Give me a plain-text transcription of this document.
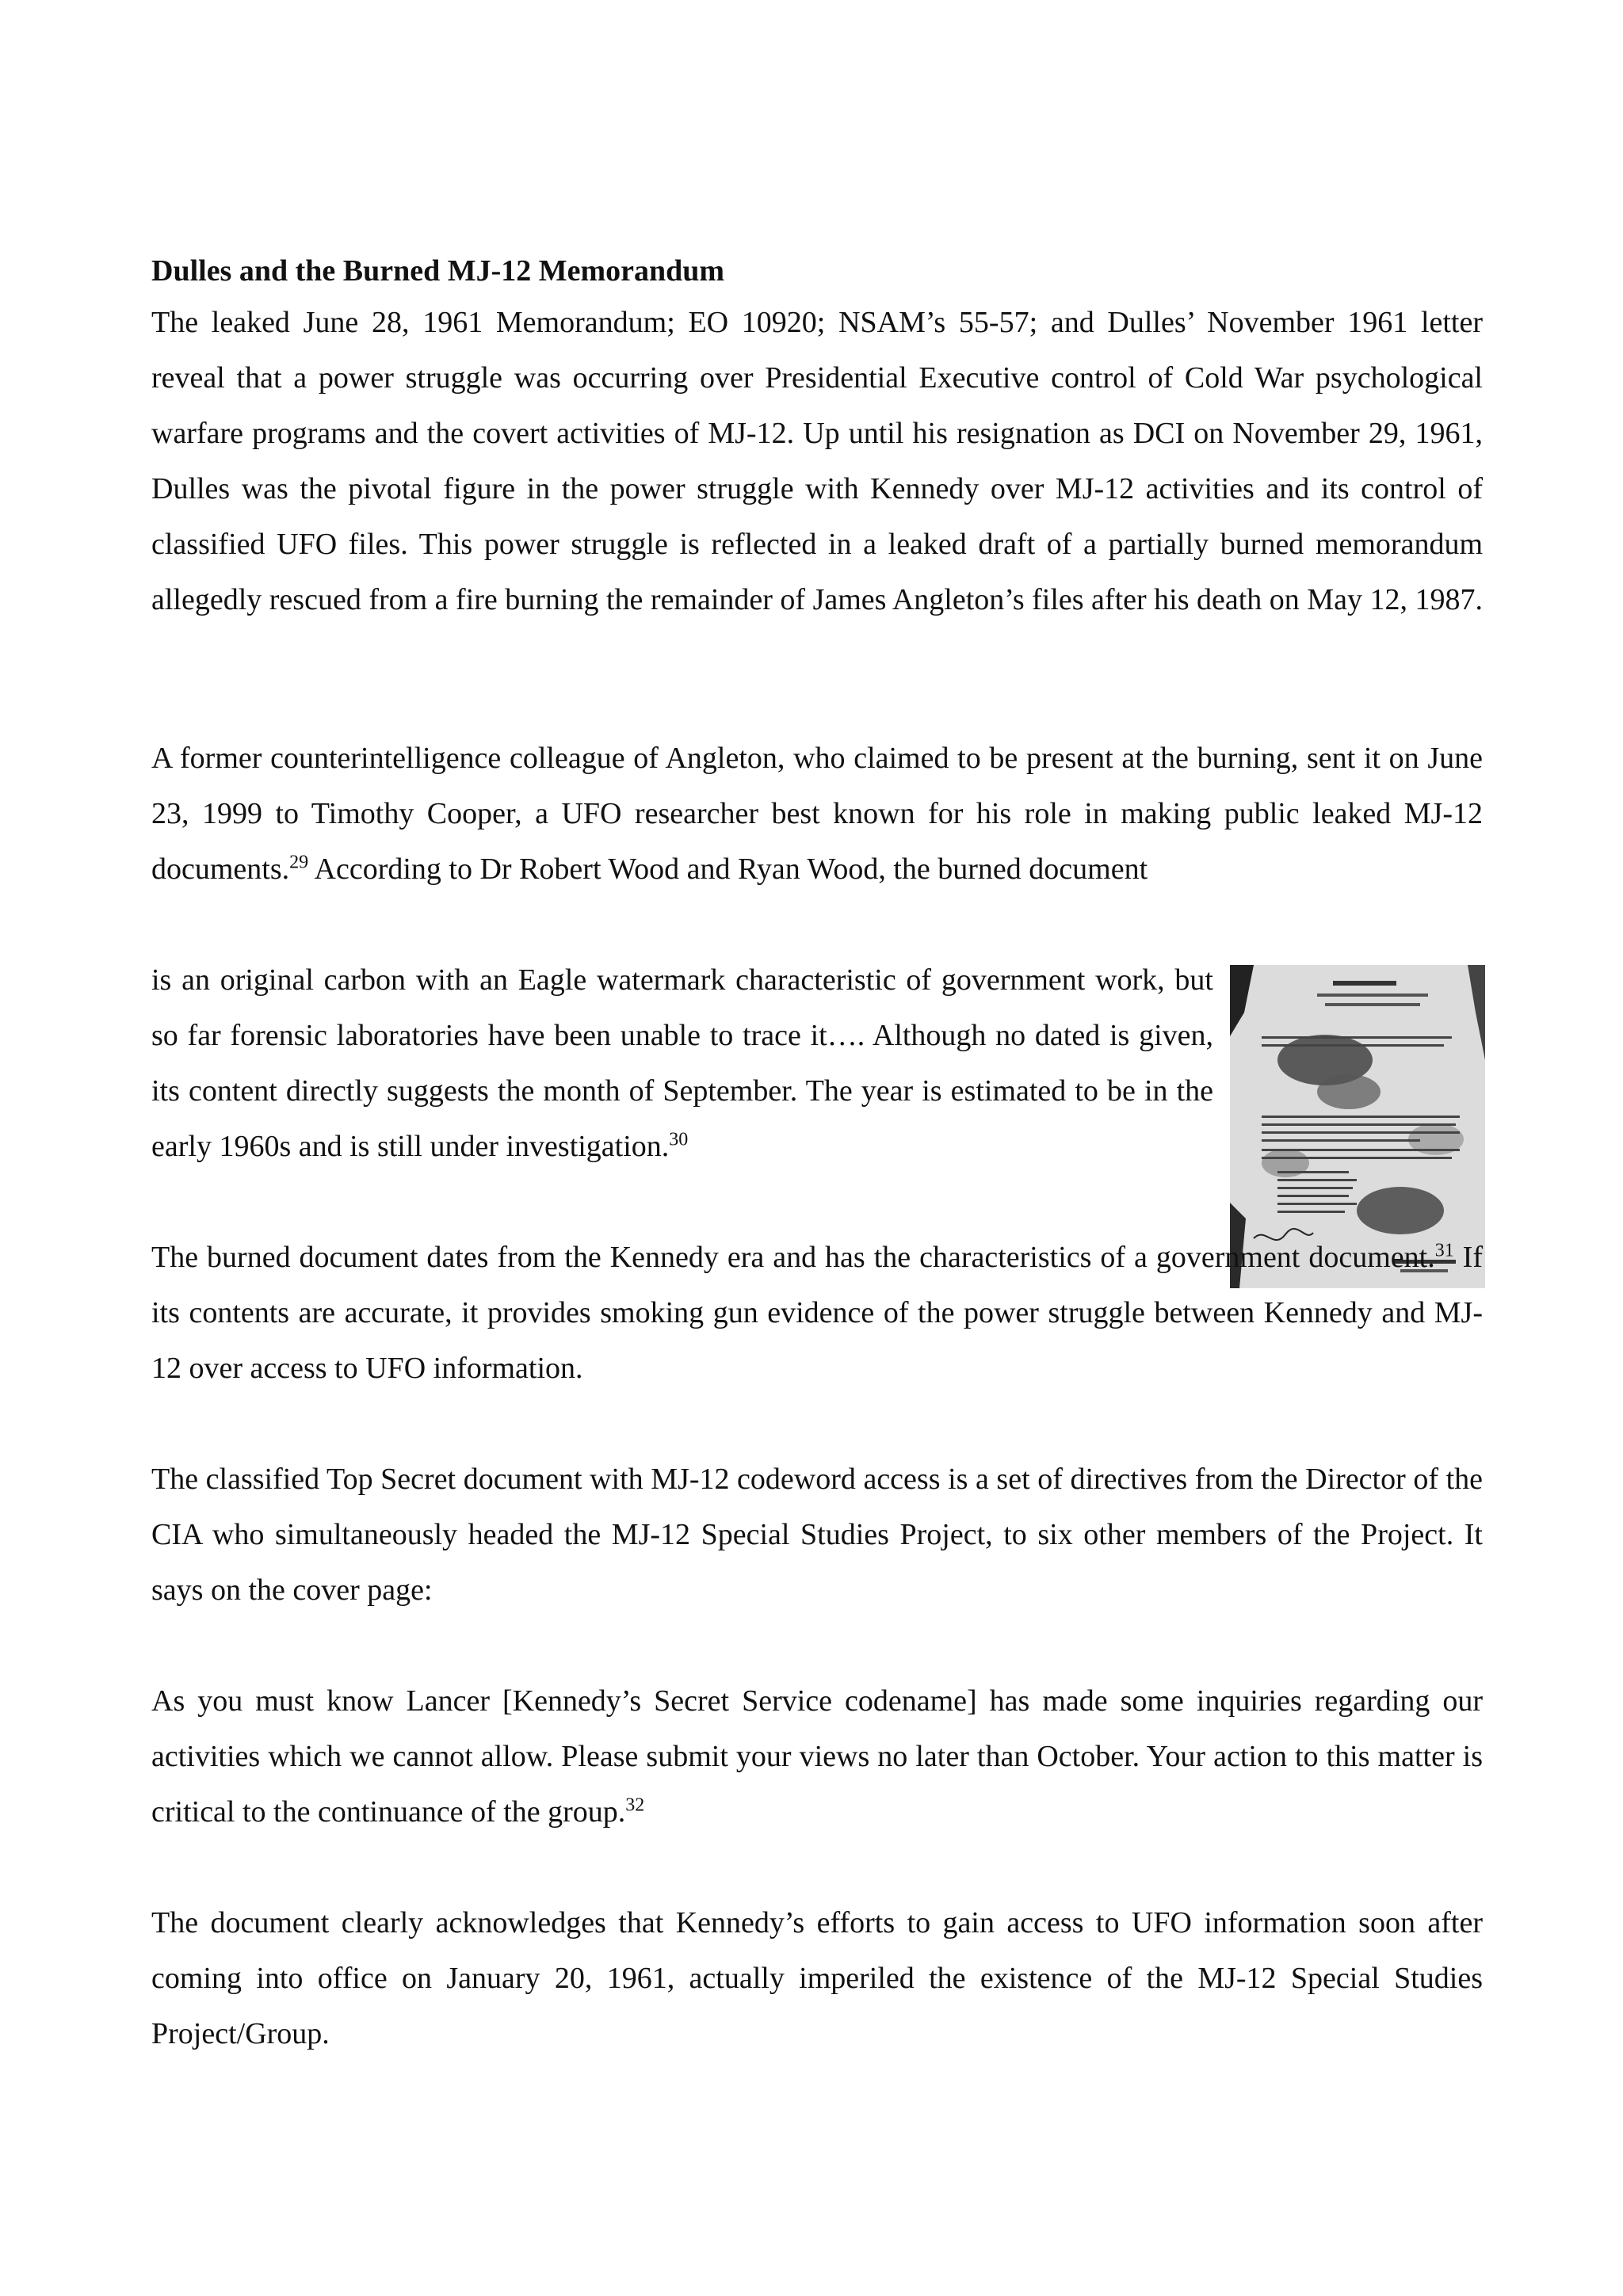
Dulles and the Burned MJ-12 Memorandum

The leaked June 28, 1961 Memorandum; EO 10920; NSAM’s 55-57; and Dulles’ November 1961 letter reveal that a power struggle was occurring over Presidential Executive control of Cold War psychological warfare programs and the covert activities of MJ-12. Up until his resignation as DCI on November 29, 1961, Dulles was the pivotal figure in the power struggle with Kennedy over MJ-12 activities and its control of classified UFO files. This power struggle is reflected in a leaked draft of a partially burned memorandum allegedly rescued from a fire burning the remainder of James Angleton’s files after his death on May 12, 1987.

A former counterintelligence colleague of Angleton, who claimed to be present at the burning, sent it on June 23, 1999 to Timothy Cooper, a UFO researcher best known for his role in making public leaked MJ-12 documents.$^{29}$ According to Dr Robert Wood and Ryan Wood, the burned document

is an original carbon with an Eagle watermark characteristic of government work, but so far forensic laboratories have been unable to trace it…. Although no dated is given, its content directly suggests the month of September. The year is estimated to be in the early 1960s and is still under investigation.$^{30}$

The burned document dates from the Kennedy era and has the characteristics of a government document.$^{31}$ If its contents are accurate, it provides smoking gun evidence of the power struggle between Kennedy and MJ-12 over access to UFO information.

The classified Top Secret document with MJ-12 codeword access is a set of directives from the Director of the CIA who simultaneously headed the MJ-12 Special Studies Project, to six other members of the Project. It says on the cover page:

As you must know Lancer [Kennedy’s Secret Service codename] has made some inquiries regarding our activities which we cannot allow. Please submit your views no later than October. Your action to this matter is critical to the continuance of the group.$^{32}$

The document clearly acknowledges that Kennedy’s efforts to gain access to UFO information soon after coming into office on January 20, 1961, actually imperiled the existence of the MJ-12 Special Studies Project/Group.
